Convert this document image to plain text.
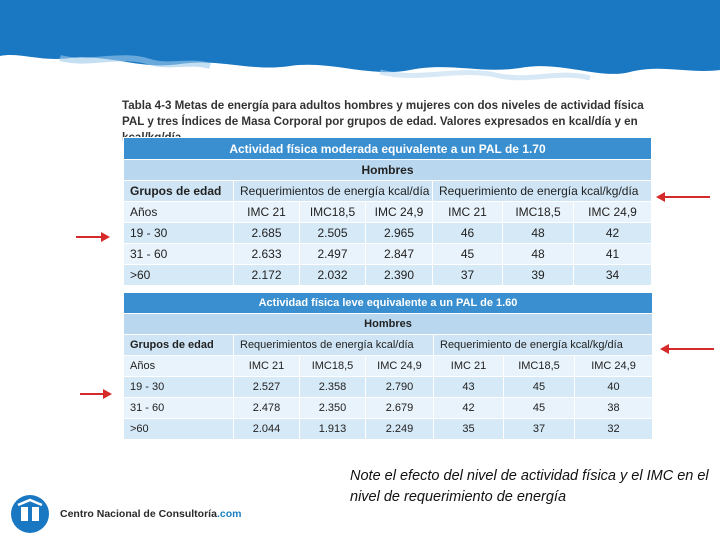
Tabla 4-3 Metas de energía para adultos hombres y mujeres con dos niveles de actividad física PAL y tres Índices de Masa Corporal por grupos de edad. Valores expresados en kcal/día y en
Actividad física moderada equivalente a un PAL de 1.70						
Hombres						
Grupos de edad	Requerimientos de energía kcal/día			Requerimiento de energía kcal/kg/día		
Años	IMC 21	IMC18,5	IMC 24,9	IMC 21	IMC18,5	IMC 24,9
19 - 30	2.685	2.505	2.965	46	48	42
31 - 60	2.633	2.497	2.847	45	48	41
>60	2.172	2.032	2.390	37	39	34
Actividad física leve equivalente a un PAL de 1.60						
Hombres						
Grupos de edad	Requerimientos de energía kcal/día			Requerimiento de energía kcal/kg/día		
Años	IMC 21	IMC18,5	IMC 24,9	IMC 21	IMC18,5	IMC 24,9
19 - 30	2.527	2.358	2.790	43	45	40
31 - 60	2.478	2.350	2.679	42	45	38
>60	2.044	1.913	2.249	35	37	32
Note el efecto del nivel de actividad física y el IMC en el nivel de requerimiento de energía
Centro Nacional de Consultoría.com
